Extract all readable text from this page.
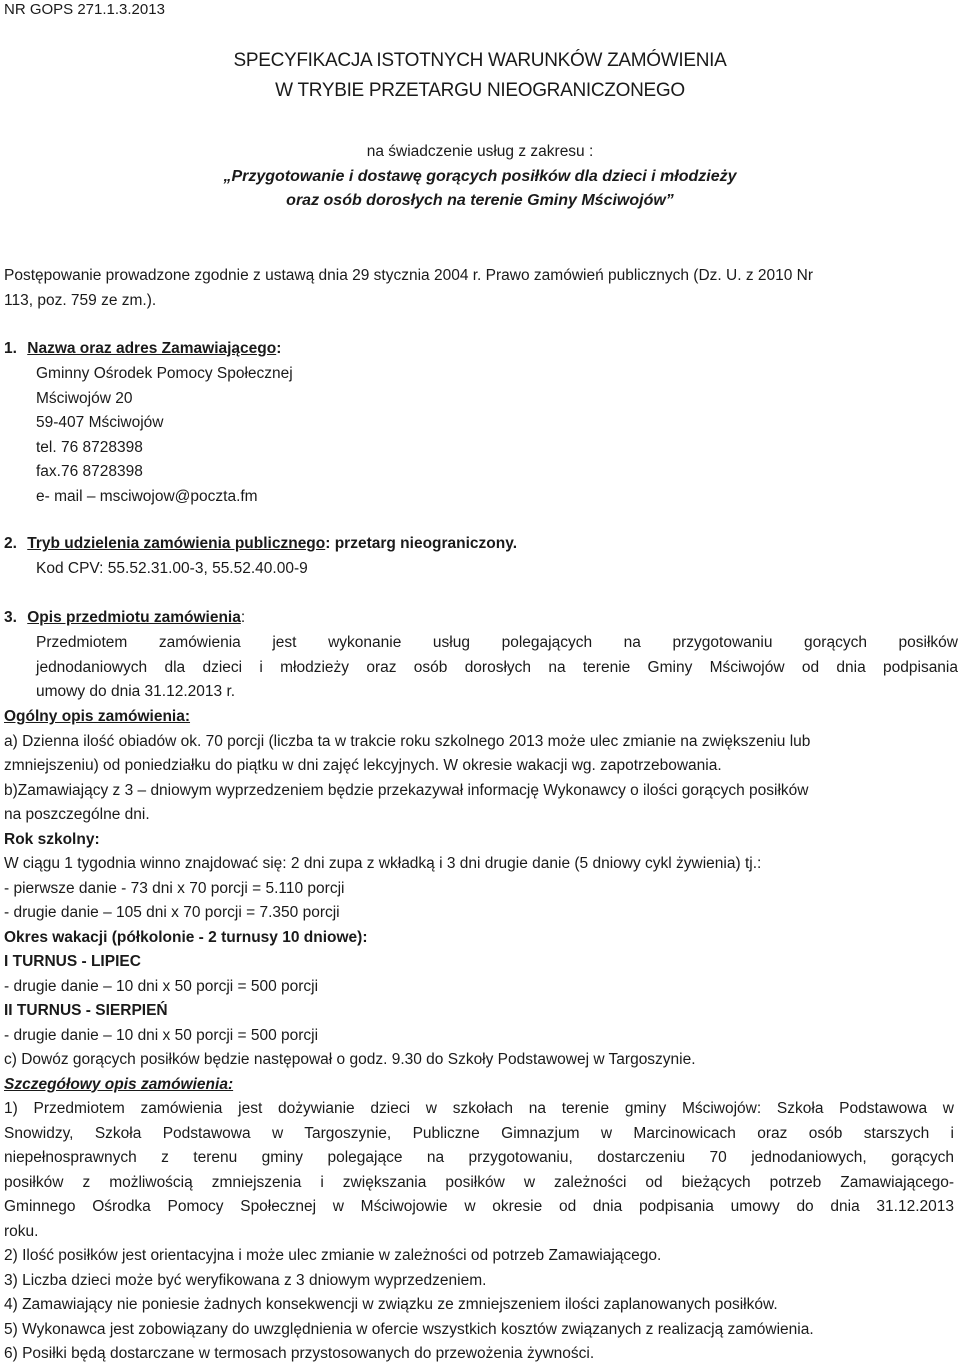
NR GOPS 271.1.3.2013
SPECYFIKACJA ISTOTNYCH WARUNKÓW ZAMÓWIENIA
W TRYBIE PRZETARGU NIEOGRANICZONEGO
na świadczenie usług z zakresu :
„Przygotowanie i dostawę gorących posiłków dla dzieci i młodzieży
oraz osób dorosłych na terenie Gminy Mściwojów”
Postępowanie prowadzone zgodnie z ustawą dnia 29 stycznia 2004 r. Prawo zamówień publicznych (Dz. U. z 2010 Nr
113, poz. 759 ze zm.).
1. Nazwa oraz adres Zamawiającego:
Gminny Ośrodek Pomocy Społecznej
Mściwojów 20
59-407 Mściwojów
tel. 76 8728398
fax.76 8728398
e- mail – msciwojow@poczta.fm
2. Tryb udzielenia zamówienia publicznego: przetarg nieograniczony.
Kod CPV: 55.52.31.00-3, 55.52.40.00-9
3. Opis przedmiotu zamówienia:
Przedmiotem zamówienia jest wykonanie usług polegających na przygotowaniu gorących posiłków
jednodaniowych dla dzieci i młodzieży oraz osób dorosłych na terenie Gminy Mściwojów od dnia podpisania
umowy do dnia 31.12.2013 r.
Ogólny opis zamówienia:
a) Dzienna ilość obiadów ok. 70 porcji (liczba ta w trakcie roku szkolnego 2013 może ulec zmianie na zwiększeniu lub
zmniejszeniu) od poniedziałku do piątku w dni zajęć lekcyjnych. W okresie wakacji wg. zapotrzebowania.
b)Zamawiający z 3 – dniowym wyprzedzeniem będzie przekazywał informację Wykonawcy o ilości gorących posiłków
na poszczególne dni.
Rok szkolny:
W ciągu 1 tygodnia winno znajdować się: 2 dni zupa z wkładką i 3 dni drugie danie (5 dniowy cykl żywienia) tj.:
- pierwsze danie - 73 dni x 70 porcji = 5.110 porcji
- drugie danie – 105 dni x 70 porcji = 7.350 porcji
Okres wakacji (półkolonie - 2 turnusy 10 dniowe):
I TURNUS - LIPIEC
- drugie danie – 10 dni x 50 porcji = 500 porcji
II TURNUS - SIERPIEŃ
- drugie danie – 10 dni x 50 porcji = 500 porcji
c) Dowóz gorących posiłków będzie następował o godz. 9.30 do Szkoły Podstawowej w Targoszynie.
Szczegółowy opis zamówienia:
1) Przedmiotem zamówienia jest dożywianie dzieci w szkołach na terenie gminy Mściwojów: Szkoła Podstawowa w
Snowidzy, Szkoła Podstawowa w Targoszynie, Publiczne Gimnazjum w Marcinowicach oraz osób starszych i
niepełnosprawnych z terenu gminy polegające na przygotowaniu, dostarczeniu 70 jednodaniowych, gorących
posiłków z możliwością zmniejszenia i zwiększania posiłków w zależności od bieżących potrzeb Zamawiającego-
Gminnego Ośrodka Pomocy Społecznej w Mściwojowie w okresie od dnia podpisania umowy do dnia 31.12.2013
roku.
2) Ilość posiłków jest orientacyjna i może ulec zmianie w zależności od potrzeb Zamawiającego.
3) Liczba dzieci może być weryfikowana z 3 dniowym wyprzedzeniem.
4) Zamawiający nie poniesie żadnych konsekwencji w związku ze zmniejszeniem ilości zaplanowanych posiłków.
5) Wykonawca jest zobowiązany do uwzględnienia w ofercie wszystkich kosztów związanych z realizacją zamówienia.
6) Posiłki będą dostarczane w termosach przystosowanych do przewożenia żywności.
